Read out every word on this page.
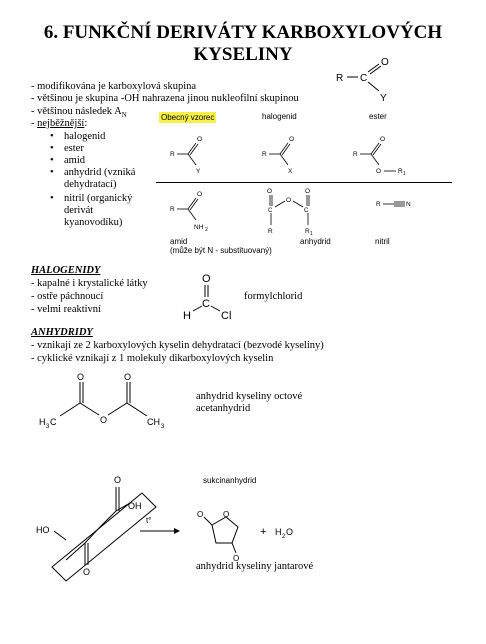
6. FUNKČNÍ DERIVÁTY KARBOXYLOVÝCH
KYSELINY
R C
O
Y
- modifikována je karboxylová skupina
- většinou je skupina -OH nahrazena jinou nukleofilní skupinou
- většinou následek $A_N$
- nejběžnější:
• halogenid
• ester
• amid
• anhydrid (vzniká
dehydratací)
• nitril (organický
derivát
kyanovodíku)
Obecný vzorec	halogenid	ester
R
O
Y
R
O
X
R
O
O	R 1
R
O
NH 2
O
C
R
O
C
O
R 1
R	N
amid
(může být N - substituovaný)
anhydrid	nitril
HALOGENIDY
- kapalné i krystalické látky
- ostře páchnoucí
- velmi reaktivní
O
C
H	Cl
formylchlorid
ANHYDRIDY
- vznikají ze 2 karboxylových kyselin dehydratací (bezvodé kyseliny)
- cyklické vznikají z 1 molekuly dikarboxylových kyselin
O
O
O
H 3 C	CH 3
anhydrid kyseliny octové
acetanhydrid
O
O
OH
HO
t°
O
O
O
+ H 2 O
sukcinanhydrid
anhydrid kyseliny jantarové
